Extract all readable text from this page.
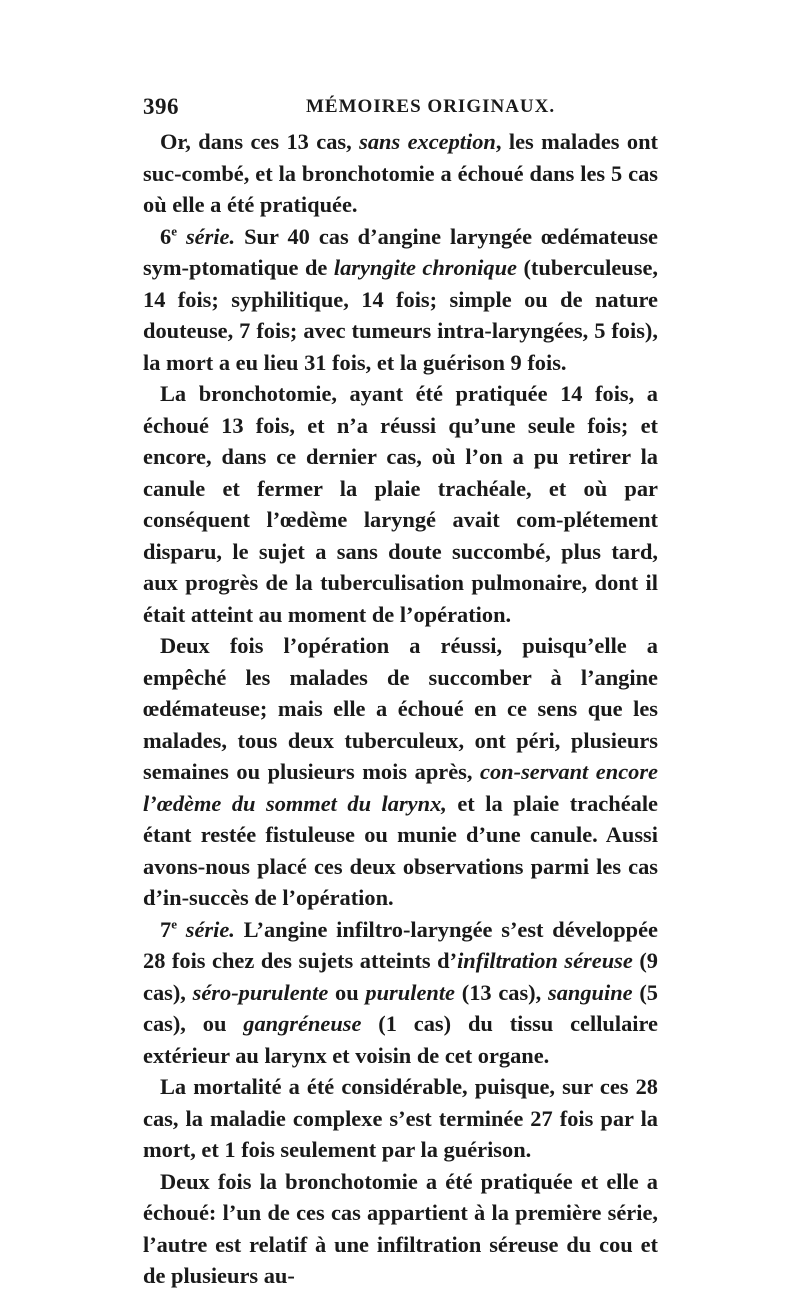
396	MÉMOIRES ORIGINAUX.

Or, dans ces 13 cas, sans exception, les malades ont suc-combé, et la bronchotomie a échoué dans les 5 cas où elle a été pratiquée.

6e série. Sur 40 cas d’angine laryngée œdémateuse sym-ptomatique de laryngite chronique (tuberculeuse, 14 fois; syphilitique, 14 fois; simple ou de nature douteuse, 7 fois; avec tumeurs intra-laryngées, 5 fois), la mort a eu lieu 31 fois, et la guérison 9 fois.

La bronchotomie, ayant été pratiquée 14 fois, a échoué 13 fois, et n’a réussi qu’une seule fois; et encore, dans ce dernier cas, où l’on a pu retirer la canule et fermer la plaie trachéale, et où par conséquent l’œdème laryngé avait com-plétement disparu, le sujet a sans doute succombé, plus tard, aux progrès de la tuberculisation pulmonaire, dont il était atteint au moment de l’opération.

Deux fois l’opération a réussi, puisqu’elle a empêché les malades de succomber à l’angine œdémateuse; mais elle a échoué en ce sens que les malades, tous deux tuberculeux, ont péri, plusieurs semaines ou plusieurs mois après, con-servant encore l’œdème du sommet du larynx, et la plaie trachéale étant restée fistuleuse ou munie d’une canule. Aussi avons-nous placé ces deux observations parmi les cas d’in-succès de l’opération.

7e série. L’angine infiltro-laryngée s’est développée 28 fois chez des sujets atteints d’infiltration séreuse (9 cas), séro-purulente ou purulente (13 cas), sanguine (5 cas), ou gangréneuse (1 cas) du tissu cellulaire extérieur au larynx et voisin de cet organe.

La mortalité a été considérable, puisque, sur ces 28 cas, la maladie complexe s’est terminée 27 fois par la mort, et 1 fois seulement par la guérison.

Deux fois la bronchotomie a été pratiquée et elle a échoué: l’un de ces cas appartient à la première série, l’autre est relatif à une infiltration séreuse du cou et de plusieurs au-
